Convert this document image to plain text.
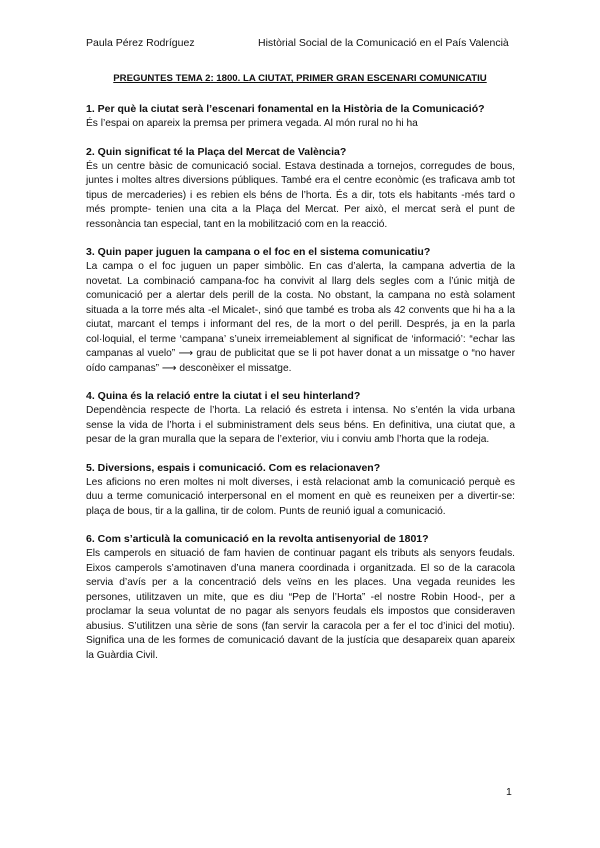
Paula Pérez Rodríguez	Històrial Social de la Comunicació en el País Valencià
PREGUNTES TEMA 2: 1800. LA CIUTAT, PRIMER GRAN ESCENARI COMUNICATIU

1. Per què la ciutat serà l’escenari fonamental en la Història de la Comunicació?

És l’espai on apareix la premsa per primera vegada. Al món rural no hi ha

2. Quin significat té la Plaça del Mercat de València?

És un centre bàsic de comunicació social. Estava destinada a tornejos, corregudes de bous, juntes i moltes altres diversions públiques. També era el centre econòmic (es traficava amb tot tipus de mercaderies) i es rebien els béns de l’horta. És a dir, tots els habitants -més tard o més prompte- tenien una cita a la Plaça del Mercat. Per això, el mercat serà el punt de ressonància tan especial, tant en la mobilització com en la reacció.

3. Quin paper juguen la campana o el foc en el sistema comunicatiu?

La campa o el foc juguen un paper simbòlic. En cas d’alerta, la campana advertia de la novetat. La combinació campana-foc ha convivit al llarg dels segles com a l’únic mitjà de comunicació per a alertar dels perill de la costa. No obstant, la campana no està solament situada a la torre més alta -el Micalet-, sinó que també es troba als 42 convents que hi ha a la ciutat, marcant el temps i informant del res, de la mort o del perill. Després, ja en la parla col·loquial, el terme ‘campana’ s’uneix irremeiablement al significat de ‘informació’: “echar las campanas al vuelo” ⟶ grau de publicitat que se li pot haver donat a un missatge o “no haver oído campanas” ⟶ desconèixer el missatge.

4. Quina és la relació entre la ciutat i el seu hinterland?

Dependència respecte de l’horta. La relació és estreta i intensa. No s’entén la vida urbana sense la vida de l’horta i el subministrament dels seus béns. En definitiva, una ciutat que, a pesar de la gran muralla que la separa de l’exterior, viu i conviu amb l’horta que la rodeja.

5. Diversions, espais i comunicació. Com es relacionaven?

Les aficions no eren moltes ni molt diverses, i està relacionat amb la comunicació perquè es duu a terme comunicació interpersonal en el moment en què es reuneixen per a divertir-se: plaça de bous, tir a la gallina, tir de colom. Punts de reunió igual a comunicació.

6. Com s’articulà la comunicació en la revolta antisenyorial de 1801?

Els camperols en situació de fam havien de continuar pagant els tributs als senyors feudals. Eixos camperols s’amotinaven d’una manera coordinada i organitzada. El so de la caracola servia d’avís per a la concentració dels veïns en les places. Una vegada reunides les persones, utilitzaven un mite, que es diu “Pep de l’Horta” -el nostre Robin Hood-, per a proclamar la seua voluntat de no pagar als senyors feudals els impostos que consideraven abusius. S’utilitzen una sèrie de sons (fan servir la caracola per a fer el toc d’inici del motiu). Significa una de les formes de comunicació davant de la justícia que desapareix quan apareix la Guàrdia Civil.

1
